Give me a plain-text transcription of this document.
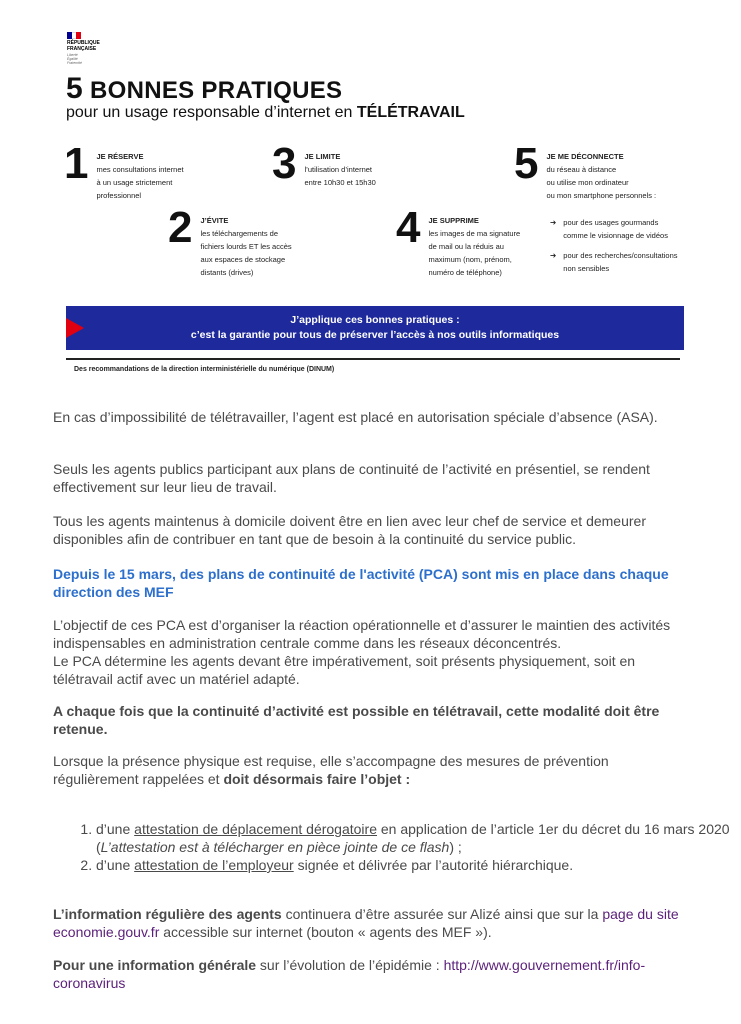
RÉPUBLIQUE
FRANÇAISE
Liberté
Égalité
Fraternité
5 BONNES PRATIQUES
pour un usage responsable d’internet en TÉLÉTRAVAIL
1 JE RÉSERVE
mes consultations internet
à un usage strictement
professionnel
2 J’ÉVITE
les téléchargements de
fichiers lourds ET les accès
aux espaces de stockage
distants (drives)
3 JE LIMITE
l’utilisation d’internet
entre 10h30 et 15h30
4 JE SUPPRIME
les images de ma signature
de mail ou la réduis au
maximum (nom, prénom,
numéro de téléphone)
5 JE ME DÉCONNECTE
du réseau à distance
ou utilise mon ordinateur
ou mon smartphone personnels :
➔ pour des usages gourmands
comme le visionnage de vidéos
➔ pour des recherches/consultations
non sensibles
J’applique ces bonnes pratiques :
c’est la garantie pour tous de préserver l’accès à nos outils informatiques
Des recommandations de la direction interministérielle du numérique (DINUM)

En cas d’impossibilité de télétravailler, l’agent est placé en autorisation spéciale d’absence (ASA).

Seuls les agents publics participant aux plans de continuité de l’activité en présentiel, se rendent effectivement sur leur lieu de travail.

Tous les agents maintenus à domicile doivent être en lien avec leur chef de service et demeurer disponibles afin de contribuer en tant que de besoin à la continuité du service public.

Depuis le 15 mars, des plans de continuité de l'activité (PCA) sont mis en place dans chaque direction des MEF

L’objectif de ces PCA est d’organiser la réaction opérationnelle et d’assurer le maintien des activités indispensables en administration centrale comme dans les réseaux déconcentrés.
Le PCA détermine les agents devant être impérativement, soit présents physiquement, soit en télétravail actif avec un matériel adapté.

A chaque fois que la continuité d’activité est possible en télétravail, cette modalité doit être retenue.

Lorsque la présence physique est requise, elle s’accompagne des mesures de prévention régulièrement rappelées et doit désormais faire l’objet :

1. d’une attestation de déplacement dérogatoire en application de l’article 1er du décret du 16 mars 2020 (L’attestation est à télécharger en pièce jointe de ce flash) ;
2. d’une attestation de l’employeur signée et délivrée par l’autorité hiérarchique.

L’information régulière des agents continuera d’être assurée sur Alizé ainsi que sur la page du site economie.gouv.fr accessible sur internet (bouton « agents des MEF »).

Pour une information générale sur l’évolution de l’épidémie : http://www.gouvernement.fr/info-coronavirus
